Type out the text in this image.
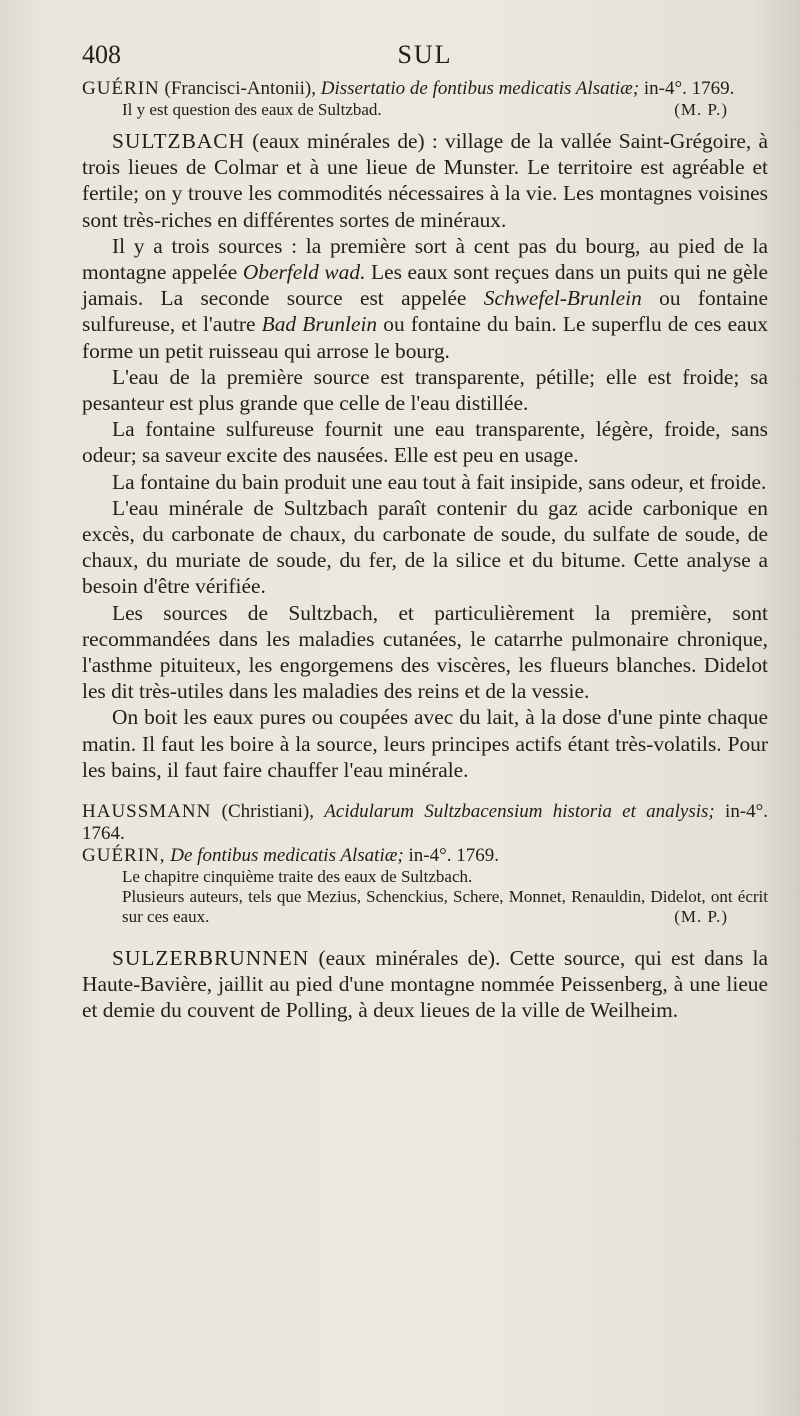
408	SUL

GUÉRIN (Francisci-Antonii), Dissertatio de fontibus medicatis Alsatiæ; in-4°. 1769.

Il y est question des eaux de Sultzbad.	(M. P.)

SULTZBACH (eaux minérales de) : village de la vallée Saint-Grégoire, à trois lieues de Colmar et à une lieue de Munster. Le territoire est agréable et fertile; on y trouve les commodités nécessaires à la vie. Les montagnes voisines sont très-riches en différentes sortes de minéraux.

Il y a trois sources : la première sort à cent pas du bourg, au pied de la montagne appelée Oberfeld wad. Les eaux sont reçues dans un puits qui ne gèle jamais. La seconde source est appelée Schwefel-Brunlein ou fontaine sulfureuse, et l'autre Bad Brunlein ou fontaine du bain. Le superflu de ces eaux forme un petit ruisseau qui arrose le bourg.

L'eau de la première source est transparente, pétille; elle est froide; sa pesanteur est plus grande que celle de l'eau distillée.

La fontaine sulfureuse fournit une eau transparente, légère, froide, sans odeur; sa saveur excite des nausées. Elle est peu en usage.

La fontaine du bain produit une eau tout à fait insipide, sans odeur, et froide.

L'eau minérale de Sultzbach paraît contenir du gaz acide carbonique en excès, du carbonate de chaux, du carbonate de soude, du sulfate de soude, de chaux, du muriate de soude, du fer, de la silice et du bitume. Cette analyse a besoin d'être vérifiée.

Les sources de Sultzbach, et particulièrement la première, sont recommandées dans les maladies cutanées, le catarrhe pulmonaire chronique, l'asthme pituiteux, les engorgemens des viscères, les flueurs blanches. Didelot les dit très-utiles dans les maladies des reins et de la vessie.

On boit les eaux pures ou coupées avec du lait, à la dose d'une pinte chaque matin. Il faut les boire à la source, leurs principes actifs étant très-volatils. Pour les bains, il faut faire chauffer l'eau minérale.

HAUSSMANN (Christiani), Acidularum Sultzbacensium historia et analysis; in-4°. 1764.

GUÉRIN, De fontibus medicatis Alsatiæ; in-4°. 1769.

Le chapitre cinquième traite des eaux de Sultzbach.

Plusieurs auteurs, tels que Mezius, Schenckius, Schere, Monnet, Renauldin, Didelot, ont écrit sur ces eaux.	(M. P.)

SULZERBRUNNEN (eaux minérales de). Cette source, qui est dans la Haute-Bavière, jaillit au pied d'une montagne nommée Peissenberg, à une lieue et demie du couvent de Polling, à deux lieues de la ville de Weilheim.
